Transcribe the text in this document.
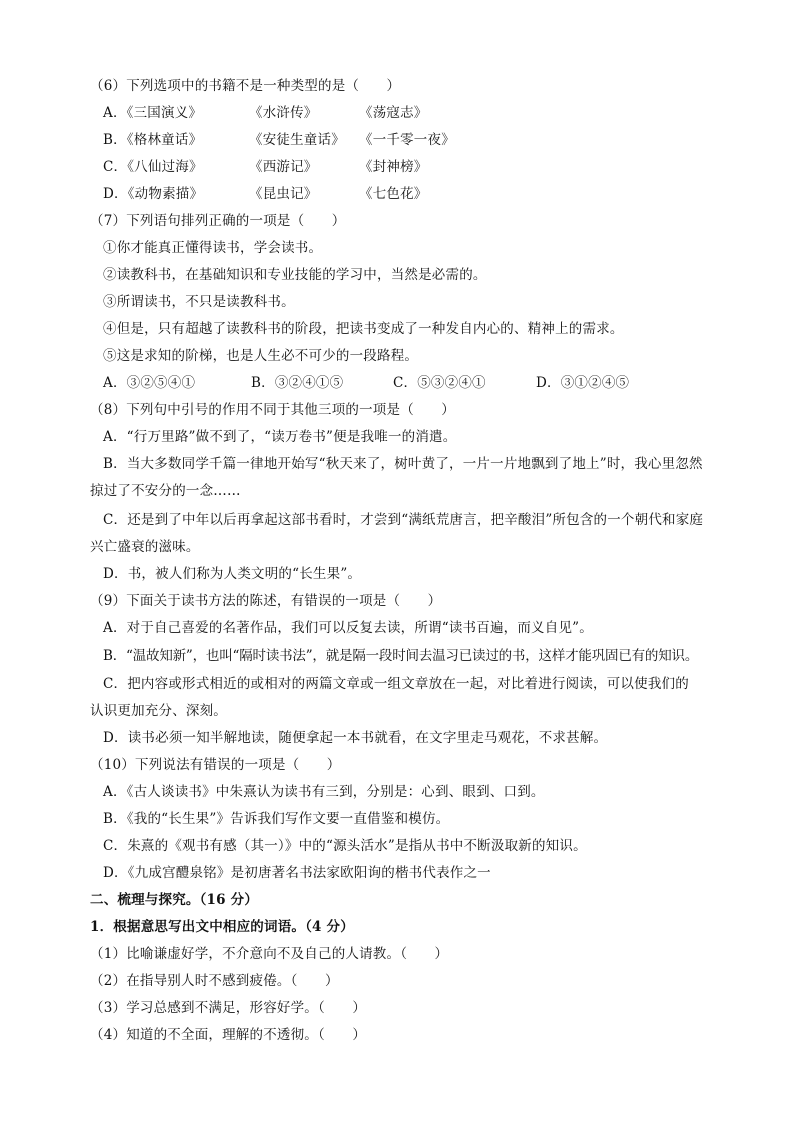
（6）下列选项中的书籍不是一种类型的是（　　）
A．《三国演义》	《水浒传》	《荡寇志》
B．《格林童话》	《安徒生童话》 《一千零一夜》
C．《八仙过海》	《西游记》	《封神榜》
D．《动物素描》	《昆虫记》	《七色花》
（7）下列语句排列正确的一项是（　　）
①你才能真正懂得读书，学会读书。
②读教科书，在基础知识和专业技能的学习中，当然是必需的。
③所谓读书，不只是读教科书。
④但是，只有超越了读教科书的阶段，把读书变成了一种发自内心的、精神上的需求。
⑤这是求知的阶梯，也是人生必不可少的一段路程。
A．③②⑤④①	B．③②④①⑤	C．⑤③②④①	D．③①②④⑤
（8）下列句中引号的作用不同于其他三项的一项是（　　）
A．“行万里路”做不到了，“读万卷书”便是我唯一的消遣。
B．当大多数同学千篇一律地开始写“秋天来了，树叶黄了，一片一片地飘到了地上”时，我心里忽然
掠过了不安分的一念……
C．还是到了中年以后再拿起这部书看时，才尝到“满纸荒唐言，把辛酸泪”所包含的一个朝代和家庭
兴亡盛衰的滋味。
D．书，被人们称为人类文明的“长生果”。
（9）下面关于读书方法的陈述，有错误的一项是（　　）
A．对于自己喜爱的名著作品，我们可以反复去读，所谓“读书百遍，而义自见”。
B．“温故知新”，也叫“隔时读书法”，就是隔一段时间去温习已读过的书，这样才能巩固已有的知识。
C．把内容或形式相近的或相对的两篇文章或一组文章放在一起，对比着进行阅读，可以使我们的
认识更加充分、深刻。
D．读书必须一知半解地读，随便拿起一本书就看，在文字里走马观花，不求甚解。
（10）下列说法有错误的一项是（　　）
A．《古人谈读书》中朱熹认为读书有三到，分别是：心到、眼到、口到。
B．《我的“长生果”》告诉我们写作文要一直借鉴和模仿。
C．朱熹的《观书有感（其一）》中的“源头活水”是指从书中不断汲取新的知识。
D．《九成宫醴泉铭》是初唐著名书法家欧阳询的楷书代表作之一
二、梳理与探究。（16 分）
1．根据意思写出文中相应的词语。（4 分）
（1）比喻谦虚好学，不介意向不及自己的人请教。（　　）
（2）在指导别人时不感到疲倦。（　　）
（3）学习总感到不满足，形容好学。（　　）
（4）知道的不全面，理解的不透彻。（　　）
